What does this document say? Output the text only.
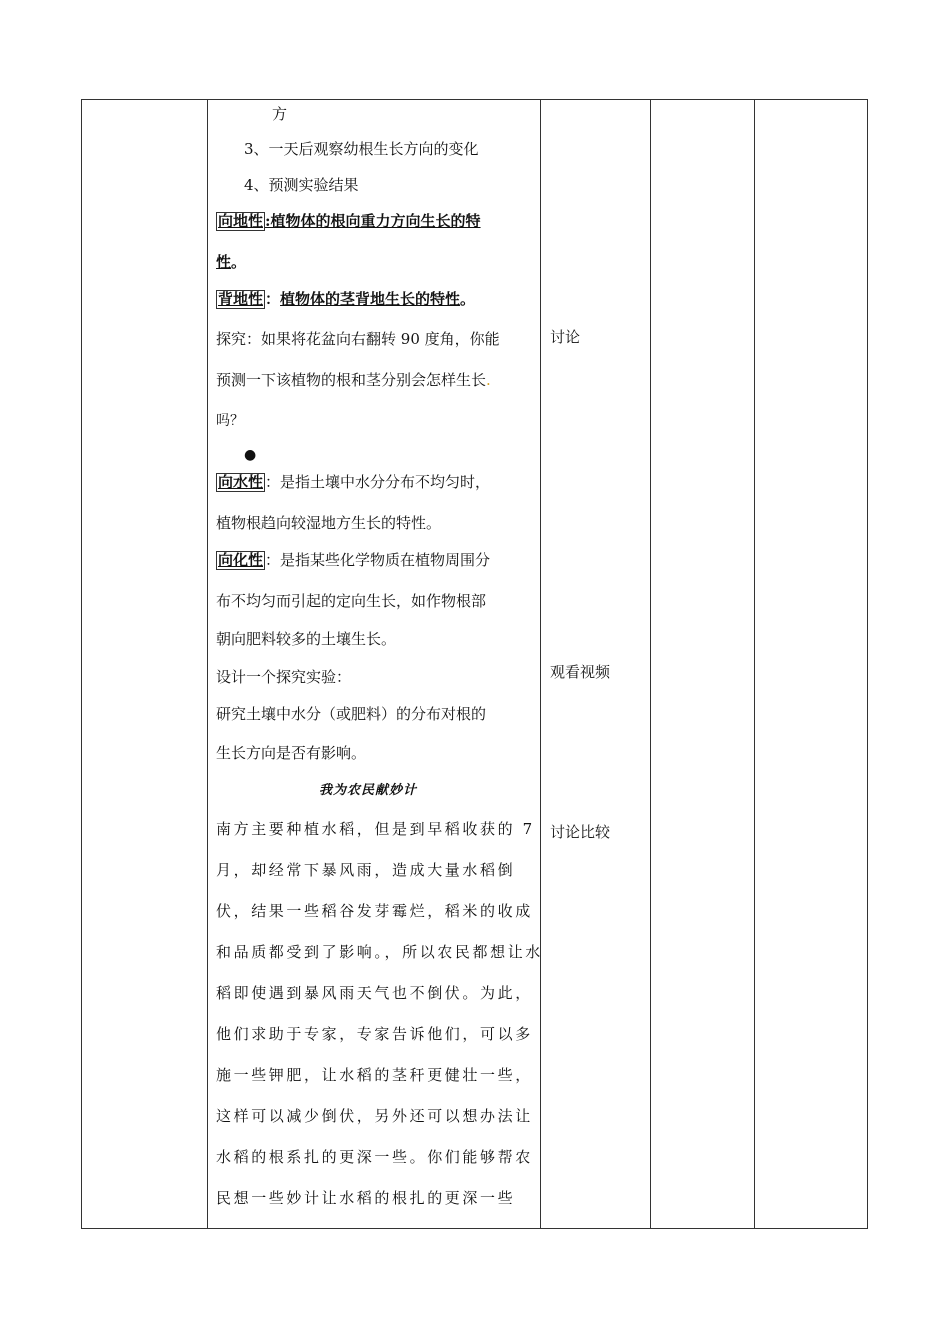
方
3、一天后观察幼根生长方向的变化
4、预测实验结果
向地性 :植物体的根向重力方向生长的特
性。
背地性 ：植物体的茎背地生长的特性。
探究：如果将花盆向右翻转 90 度角，你能
预测一下该植物的根和茎分别会怎样生长.
吗？
●
向水性 ：是指土壤中水分分布不均匀时，
植物根趋向较湿地方生长的特性。
向化性 ：是指某些化学物质在植物周围分
布不均匀而引起的定向生长，如作物根部
朝向肥料较多的土壤生长。
设计一个探究实验：
研究土壤中水分（或肥料）的分布对根的
生长方向是否有影响。
我为农民献妙计
南方主要种植水稻，但是到早稻收获的 7
月，却经常下暴风雨，造成大量水稻倒
伏，结果一些稻谷发芽霉烂，稻米的收成
和品质都受到了影响。，所以农民都想让水
稻即使遇到暴风雨天气也不倒伏。为此，
他们求助于专家，专家告诉他们，可以多
施一些钾肥，让水稻的茎秆更健壮一些，
这样可以减少倒伏，另外还可以想办法让
水稻的根系扎的更深一些。你们能够帮农
民想一些妙计让水稻的根扎的更深一些
讨论
观看视频
讨论比较
